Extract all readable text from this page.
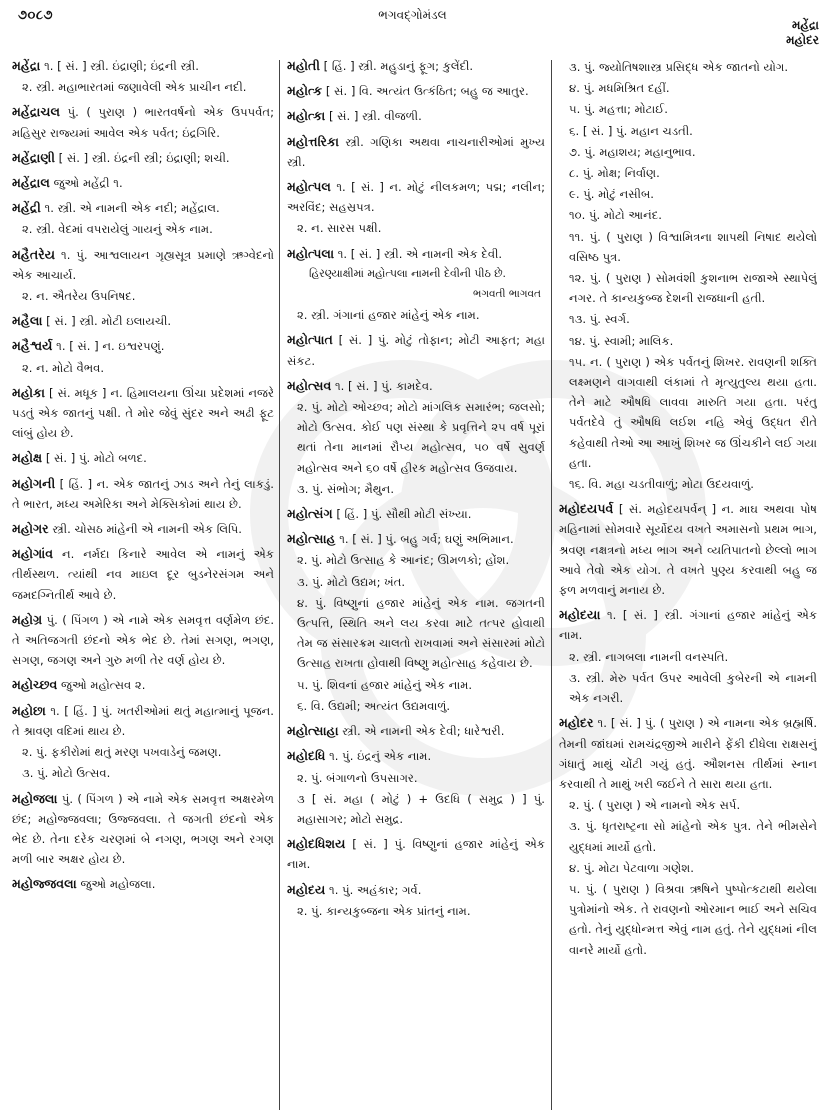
૭૦૮૭	ભગવદ્ગોમંડલ
મહેંદ્રા
મહોદર
મહેંદ્રા ૧. [ સં. ] સ્ત્રી. ઇંદ્રાણી; ઇંદ્રની સ્ત્રી.
૨. સ્ત્રી. મહાભારતમાં જણાવેલી એક પ્રાચીન નદી.
મહેંદ્રાચલ પું. ( પુરાણ ) ભારતવર્ષનો એક ઉપપર્વત; મહિસુર રાજ્યમાં આવેલ એક પર્વત; ઇંદ્રગિરિ.
મહેંદ્રાણી [ સં. ] સ્ત્રી. ઇંદ્રની સ્ત્રી; ઇંદ્રાણી; શચી.
મહેંદ્રાલ જુઓ મહેંદ્રી ૧.
મહેંદ્રી ૧. સ્ત્રી. એ નામની એક નદી; મહેંદ્રાલ.
૨. સ્ત્રી. વેદમાં વપરાયેલું ગાયનું એક નામ.
મહૈતરેય ૧. પું. આશ્વલાયન ગૃહ્યસૂત્ર પ્રમાણે ઋગ્વેદનો એક આચાર્ય.
૨. ન. ઐતરેય ઉપનિષદ.
મહૈલા [ સં. ] સ્ત્રી. મોટી ઇલાયચી.
મહૈશ્વર્ય ૧. [ સં. ] ન. ઇશ્વરપણું.
૨. ન. મોટો વૈભવ.
મહોકા [ સં. મધૂક ] ન. હિમાલયના ઊંચા પ્રદેશમાં નજરે પડતું એક જાતનું પક્ષી. તે મોર જેવું સુંદર અને અઢી ફૂટ લાંબું હોય છે.
મહોક્ષ [ સં. ] પું. મોટો બળદ.
મહોગની [ હિં. ] ન. એક જાતનું ઝાડ અને તેનું લાકડું. તે ભારત, મધ્ય અમેરિકા અને મેક્સિકોમાં થાય છે.
મહોગર સ્ત્રી. ચોસઠ માંહેની એ નામની એક લિપિ.
મહોગાંવ ન. નર્મદા કિનારે આવેલ એ નામનું એક તીર્થસ્થળ. ત્યાંથી નવ માઇલ દૂર બુડનેરસંગમ અને જમદગ્નિતીર્થ આવે છે.
મહોગ્ર પું. ( પિંગળ ) એ નામે એક સમવૃત્ત વર્ણમેળ છંદ. તે અતિજગતી છંદનો એક ભેદ છે. તેમાં સગણ, ભગણ, સગણ, જગણ અને ગુરુ મળી તેર વર્ણ હોય છે.
મહોચ્છવ જુઓ મહોત્સવ ૨.
મહોછા ૧. [ હિં. ] પું. ખતરીઓમાં થતું મહાત્માનું પૂજન. તે શ્રાવણ વદિમાં થાય છે.
૨. પું. ફકીરોમાં થતું મરણ પખવાડેનું જમણ.
૩. પું. મોટો ઉત્સવ.
મહોજલા પું. ( પિંગળ ) એ નામે એક સમવૃત્ત અક્ષરમેળ છંદ; મહોજ્જવલા; ઉજ્જવલા. તે જગતી છંદનો એક ભેદ છે. તેના દરેક ચરણમાં બે નગણ, ભગણ અને રગણ મળી બાર અક્ષર હોય છે.
મહોજ્જવલા જુઓ મહોજલા.
મહોતી [ હિં. ] સ્ત્રી. મહુડાનું ફૂગ; કુલેંદી.
મહોત્ક [ સં. ] વિ. અત્યંત ઉત્કંઠિત; બહુ જ આતુર.
મહોત્કા [ સં. ] સ્ત્રી. વીજળી.
મહોત્તરિકા સ્ત્રી. ગણિકા અથવા નાચનારીઓમાં મુખ્ય સ્ત્રી.
મહોત્પલ ૧. [ સં. ] ન. મોટું નીલકમળ; પદ્મ; નલીન; અરવિંદ; સહસ્રપત્ર.
૨. ન. સારસ પક્ષી.
મહોત્પલા ૧. [ સં. ] સ્ત્રી. એ નામની એક દેવી.
હિરણ્યાક્ષીમાં મહોત્પલા નામની દેવીની પીઠ છે.
ભગવતી ભાગવત
૨. સ્ત્રી. ગંગાનાં હજાર માંહેનું એક નામ.
મહોત્પાત [ સં. ] પું. મોટું તોફાન; મોટી આફત; મહા સંકટ.
મહોત્સવ ૧. [ સં. ] પું. કામદેવ.
૨. પું. મોટો ઓચ્છવ; મોટો માંગલિક સમારંભ; જલસો; મોટો ઉત્સવ. કોઈ પણ સંસ્થા કે પ્રવૃત્તિને ૨૫ વર્ષ પૂરાં થતાં તેના માનમાં રૌપ્ય મહોત્સવ, ૫૦ વર્ષે સુવર્ણ મહોત્સવ અને ૬૦ વર્ષે હીરક મહોત્સવ ઉજવાય.
૩. પું. સંભોગ; મૈથુન.
મહોત્સંગ [ હિં. ] પું. સૌથી મોટી સંખ્યા.
મહોત્સાહ ૧. [ સં. ] પું. બહુ ગર્વ; ઘણું અભિમાન.
૨. પું. મોટો ઉત્સાહ કે આનંદ; ઊમળકો; હોંશ.
૩. પું. મોટો ઉદ્યમ; ખંત.
૪. પું. વિષ્ણુનાં હજાર માંહેનું એક નામ. જગતની ઉત્પત્તિ, સ્થિતિ અને લય કરવા માટે તત્પર હોવાથી તેમ જ સંસારક્રમ ચાલતો રાખવામાં અને સંસારમાં મોટો ઉત્સાહ રાખતા હોવાથી વિષ્ણુ મહોત્સાહ કહેવાય છે.
૫. પું. શિવનાં હજાર માંહેનું એક નામ.
૬. વિ. ઉદ્યમી; અત્યંત ઉદ્યમવાળું.
મહોત્સાહા સ્ત્રી. એ નામની એક દેવી; ધારેશ્વરી.
મહોદધિ ૧. પું. ઇંદ્રનું એક નામ.
૨. પું. બંગાળનો ઉપસાગર.
૩ [ સં. મહા ( મોટું ) + ઉદધિ ( સમુદ્ર ) ] પું. મહાસાગર; મોટો સમુદ્ર.
મહોદધિશય [ સં. ] પું. વિષ્ણુનાં હજાર માંહેનું એક નામ.
મહોદય ૧. પું. અહંકાર; ગર્વ.
૨. પું. કાન્યકુબ્જના એક પ્રાંતનું નામ.
૩. પું. જ્યોતિષશાસ્ત્ર પ્રસિદ્ધ એક જાતનો યોગ.
૪. પું. મધમિશ્રિત દહીં.
૫. પું. મહત્તા; મોટાઈ.
૬. [ સં. ] પું. મહાન ચડતી.
૭. પું. મહાશય; મહાનુભાવ.
૮. પું. મોક્ષ; નિર્વાણ.
૯. પું. મોટું નસીબ.
૧૦. પું. મોટો આનંદ.
૧૧. પું. ( પુરાણ ) વિશ્વામિત્રના શાપથી નિષાદ થયેલો વસિષ્ઠ પુત્ર.
૧૨. પું. ( પુરાણ ) સોમવંશી કુશનાભ રાજાએ સ્થાપેલું નગર. તે કાન્યકુબ્જ દેશની રાજધાની હતી.
૧૩. પું. સ્વર્ગ.
૧૪. પું. સ્વામી; માલિક.
૧૫. ન. ( પુરાણ ) એક પર્વતનું શિખર. રાવણની શક્તિ લક્ષ્મણને વાગવાથી લંકામાં તે મૃત્યુતુલ્ય થયા હતા. તેને માટે ઔષધિ લાવવા મારુતિ ગયા હતા. પરંતુ પર્વતદેવે તું ઔષધિ લઈશ નહિ એવું ઉદ્ધત રીતે કહેવાથી તેઓ આ આખું શિખર જ ઊંચકીને લઈ ગયા હતા.
૧૬. વિ. મહા ચડતીવાળું; મોટા ઉદયવાળું.
મહોદયપર્વ [ સં. મહોદયપર્વન્ ] ન. માઘ અથવા પોષ મહિનામાં સોમવારે સૂર્યોદય વખતે અમાસનો પ્રથમ ભાગ, શ્રવણ નક્ષત્રનો મધ્ય ભાગ અને વ્યતિપાતનો છેલ્લો ભાગ આવે તેવો એક યોગ. તે વખતે પુણ્ય કરવાથી બહુ જ ફળ મળવાનું મનાય છે.
મહોદયા ૧. [ સં. ] સ્ત્રી. ગંગાનાં હજાર માંહેનું એક નામ.
૨. સ્ત્રી. નાગબલા નામની વનસ્પતિ.
૩. સ્ત્રી. મેરુ પર્વત ઉપર આવેલી કુબેરની એ નામની એક નગરી.
મહોદર ૧. [ સં. ] પું. ( પુરાણ ) એ નામના એક બ્રહ્મર્ષિ. તેમની જાંઘમાં રામચંદ્રજીએ મારીને ફેંકી દીધેલા રાક્ષસનું ગંધાતું માથું ચોંટી ગયું હતું. ઔશનસ તીર્થમાં સ્નાન કરવાથી તે માથું ખરી જઈને તે સારા થયા હતા.
૨. પું. ( પુરાણ ) એ નામનો એક સર્પ.
૩. પું. ધૃતરાષ્ટ્રના સો માંહેનો એક પુત્ર. તેને ભીમસેને યુદ્ધમાં માર્યો હતો.
૪. પું. મોટા પેટવાળા ગણેશ.
૫. પું. ( પુરાણ ) વિશ્રવા ઋષિને પુષ્પોત્કટાથી થયેલા પુત્રોમાંનો એક. તે રાવણનો ઓરમાન ભાઈ અને સચિવ હતો. તેનું યુદ્ધોન્મત્ત એવું નામ હતું. તેને યુદ્ધમાં નીલ વાનરે માર્યો હતો.
